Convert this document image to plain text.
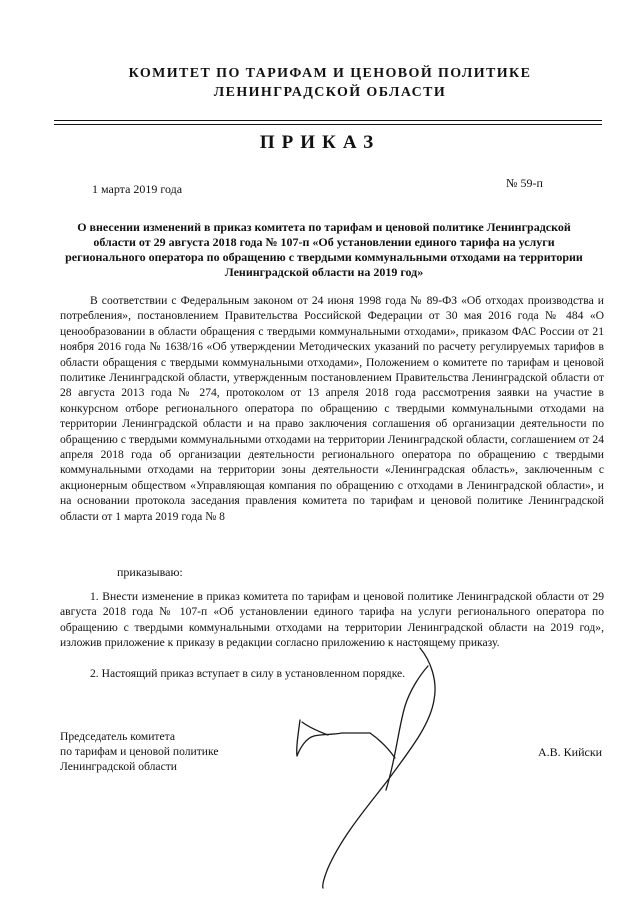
КОМИТЕТ ПО ТАРИФАМ И ЦЕНОВОЙ ПОЛИТИКЕ
ЛЕНИНГРАДСКОЙ ОБЛАСТИ
ПРИКАЗ
1 марта 2019 года	№ 59-п
О внесении изменений в приказ комитета по тарифам и ценовой политике Ленинградской области от 29 августа 2018 года № 107-п «Об установлении единого тарифа на услуги регионального оператора по обращению с твердыми коммунальными отходами на территории Ленинградской области на 2019 год»
В соответствии с Федеральным законом от 24 июня 1998 года № 89-ФЗ «Об отходах производства и потребления», постановлением Правительства Российской Федерации от 30 мая 2016 года № 484 «О ценообразовании в области обращения с твердыми коммунальными отходами», приказом ФАС России от 21 ноября 2016 года № 1638/16 «Об утверждении Методических указаний по расчету регулируемых тарифов в области обращения с твердыми коммунальными отходами», Положением о комитете по тарифам и ценовой политике Ленинградской области, утвержденным постановлением Правительства Ленинградской области от 28 августа 2013 года № 274, протоколом от 13 апреля 2018 года рассмотрения заявки на участие в конкурсном отборе регионального оператора по обращению с твердыми коммунальными отходами на территории Ленинградской области и на право заключения соглашения об организации деятельности по обращению с твердыми коммунальными отходами на территории Ленинградской области, соглашением от 24 апреля 2018 года об организации деятельности регионального оператора по обращению с твердыми коммунальными отходами на территории зоны деятельности «Ленинградская область», заключенным с акционерным обществом «Управляющая компания по обращению с отходами в Ленинградской области», и на основании протокола заседания правления комитета по тарифам и ценовой политике Ленинградской области от 1 марта 2019 года № 8
приказываю:
1. Внести изменение в приказ комитета по тарифам и ценовой политике Ленинградской области от 29 августа 2018 года № 107-п «Об установлении единого тарифа на услуги регионального оператора по обращению с твердыми коммунальными отходами на территории Ленинградской области на 2019 год», изложив приложение к приказу в редакции согласно приложению к настоящему приказу.
2. Настоящий приказ вступает в силу в установленном порядке.
Председатель комитета
по тарифам и ценовой политике
Ленинградской области
А.В. Кийски
